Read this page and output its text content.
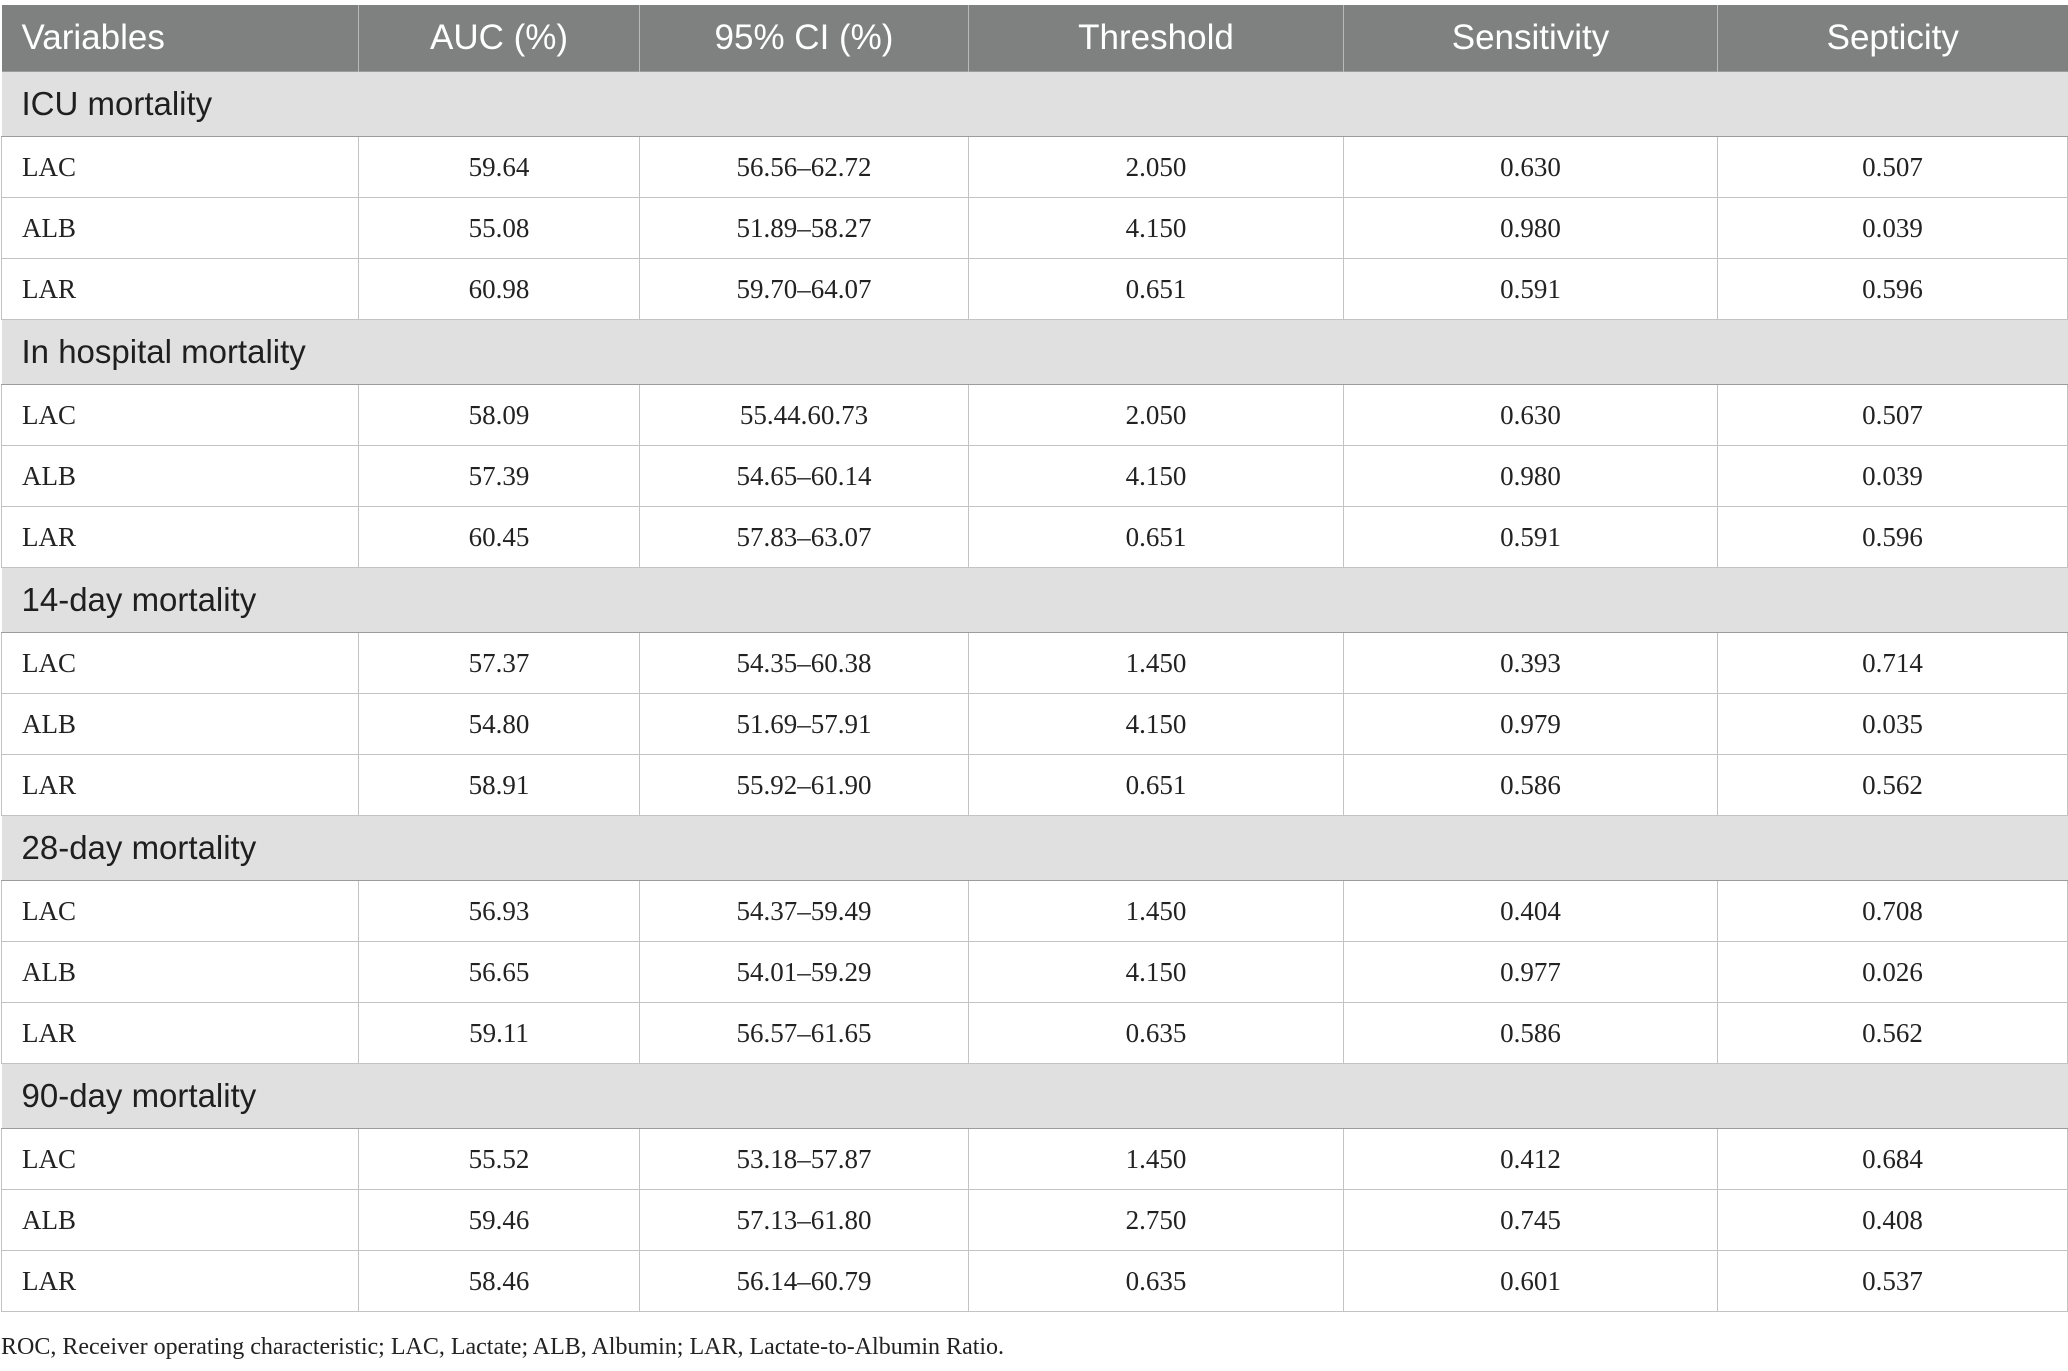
Variables	AUC (%)	95% CI (%)	Threshold	Sensitivity	Septicity
ICU mortality					
LAC	59.64	56.56–62.72	2.050	0.630	0.507
ALB	55.08	51.89–58.27	4.150	0.980	0.039
LAR	60.98	59.70–64.07	0.651	0.591	0.596
In hospital mortality					
LAC	58.09	55.44.60.73	2.050	0.630	0.507
ALB	57.39	54.65–60.14	4.150	0.980	0.039
LAR	60.45	57.83–63.07	0.651	0.591	0.596
14-day mortality					
LAC	57.37	54.35–60.38	1.450	0.393	0.714
ALB	54.80	51.69–57.91	4.150	0.979	0.035
LAR	58.91	55.92–61.90	0.651	0.586	0.562
28-day mortality					
LAC	56.93	54.37–59.49	1.450	0.404	0.708
ALB	56.65	54.01–59.29	4.150	0.977	0.026
LAR	59.11	56.57–61.65	0.635	0.586	0.562
90-day mortality					
LAC	55.52	53.18–57.87	1.450	0.412	0.684
ALB	59.46	57.13–61.80	2.750	0.745	0.408
LAR	58.46	56.14–60.79	0.635	0.601	0.537
ROC, Receiver operating characteristic; LAC, Lactate; ALB, Albumin; LAR, Lactate-to-Albumin Ratio.
